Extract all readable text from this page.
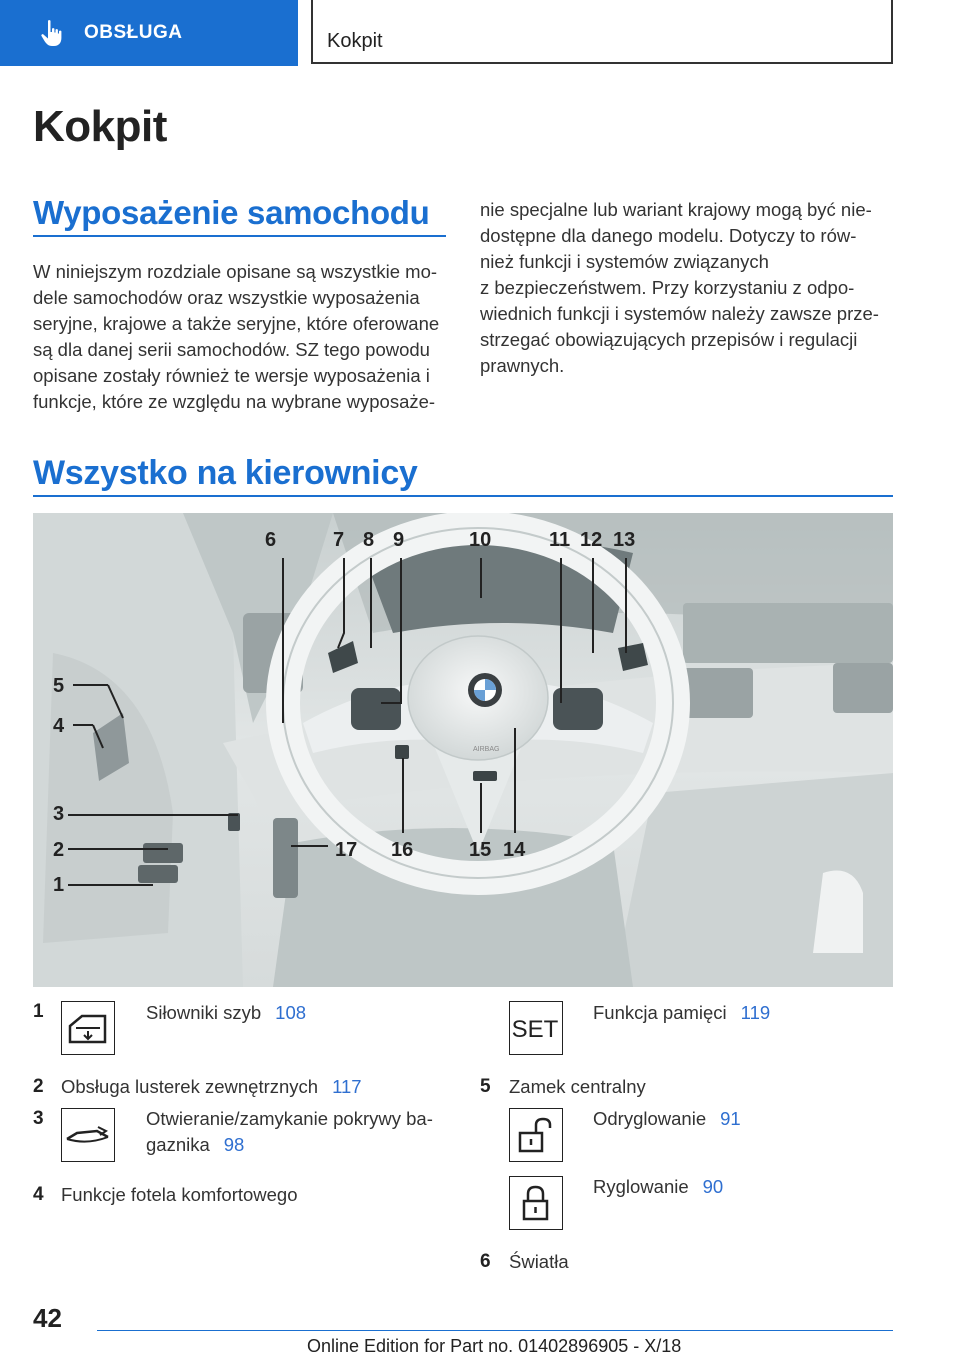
OBSŁUGA	Kokpit
Kokpit
Wyposażenie samochodu

W niniejszym rozdziale opisane są wszystkie mo-
dele samochodów oraz wszystkie wyposażenia
seryjne, krajowe a także seryjne, które oferowane
są dla danej serii samochodów. SZ tego powodu
opisane zostały również te wersje wyposażenia i
funkcje, które ze względu na wybrane wyposaże-

nie specjalne lub wariant krajowy mogą być nie-
dostępne dla danego modelu. Dotyczy to rów-
nież funkcji i systemów związanych
z bezpieczeństwem. Przy korzystaniu z odpo-
wiednich funkcji i systemów należy zawsze prze-
strzegać obowiązujących przepisów i regulacji
prawnych.

Wszystko na kierownicy
AIRBAG
6	7 8 9	10	11 12 13
5
4
3
2
1
17 16	15 14
1	Siłowniki szyb 108
2 Obsługa lusterek zewnętrznych 117
3	Otwieranie/zamykanie pokrywy ba-
gaznika 98
4 Funkcje fotela komfortowego
SET
Funkcja pamięci 119
5 Zamek centralny
Odryglowanie 91
Ryglowanie 90
6 Światła
42
Online Edition for Part no. 01402896905 - X/18
